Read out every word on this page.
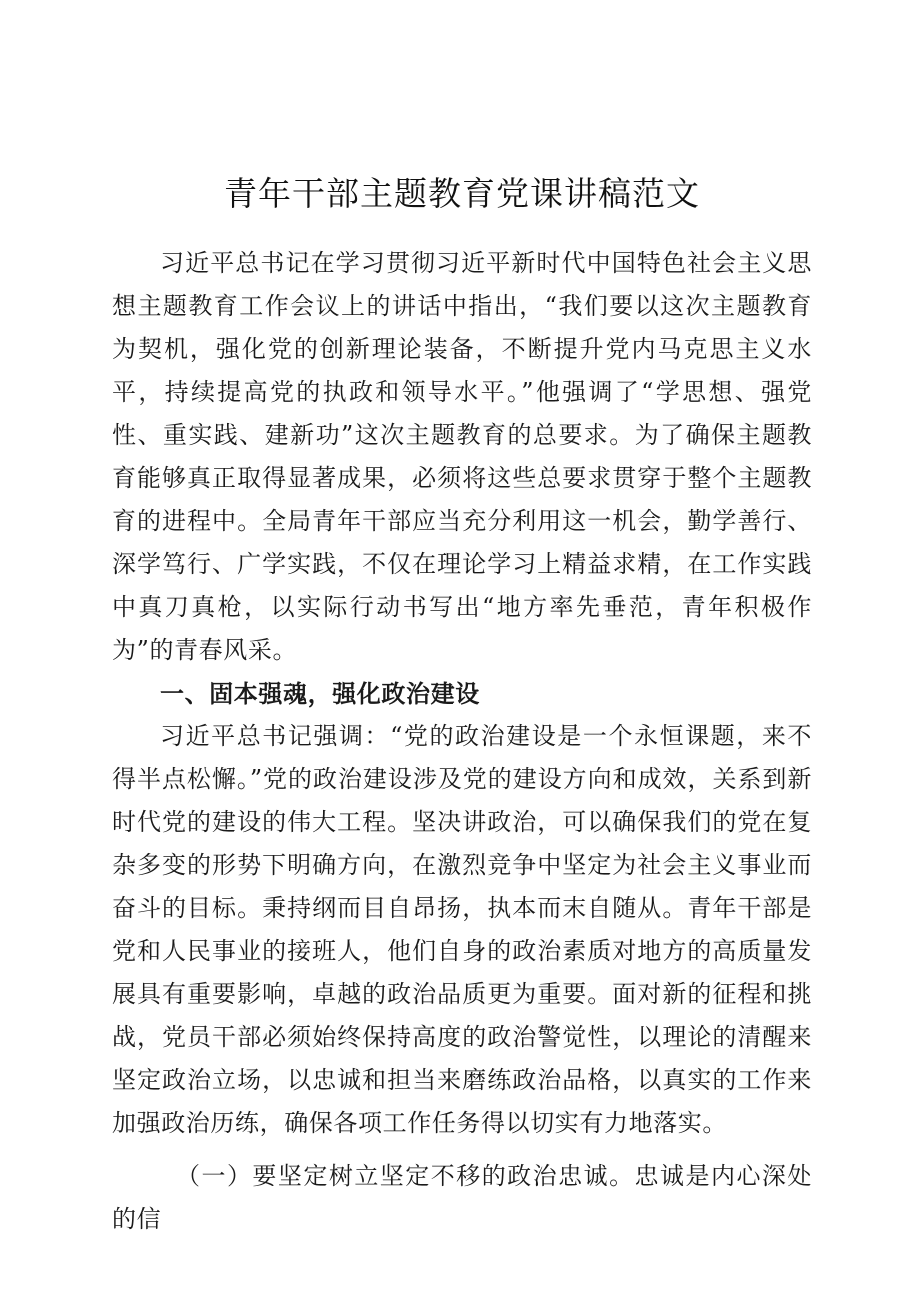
青年干部主题教育党课讲稿范文

习近平总书记在学习贯彻习近平新时代中国特色社会主义思想主题教育工作会议上的讲话中指出，“我们要以这次主题教育为契机，强化党的创新理论装备，不断提升党内马克思主义水平，持续提高党的执政和领导水平。”他强调了“学思想、强党性、重实践、建新功”这次主题教育的总要求。为了确保主题教育能够真正取得显著成果，必须将这些总要求贯穿于整个主题教育的进程中。全局青年干部应当充分利用这一机会，勤学善行、深学笃行、广学实践，不仅在理论学习上精益求精，在工作实践中真刀真枪，以实际行动书写出“地方率先垂范，青年积极作为”的青春风采。

一、固本强魂，强化政治建设

习近平总书记强调：“党的政治建设是一个永恒课题，来不得半点松懈。”党的政治建设涉及党的建设方向和成效，关系到新时代党的建设的伟大工程。坚决讲政治，可以确保我们的党在复杂多变的形势下明确方向，在激烈竞争中坚定为社会主义事业而奋斗的目标。秉持纲而目自昂扬，执本而末自随从。青年干部是党和人民事业的接班人，他们自身的政治素质对地方的高质量发展具有重要影响，卓越的政治品质更为重要。面对新的征程和挑战，党员干部必须始终保持高度的政治警觉性，以理论的清醒来坚定政治立场，以忠诚和担当来磨练政治品格，以真实的工作来加强政治历练，确保各项工作任务得以切实有力地落实。

（一）要坚定树立坚定不移的政治忠诚。忠诚是内心深处的信
